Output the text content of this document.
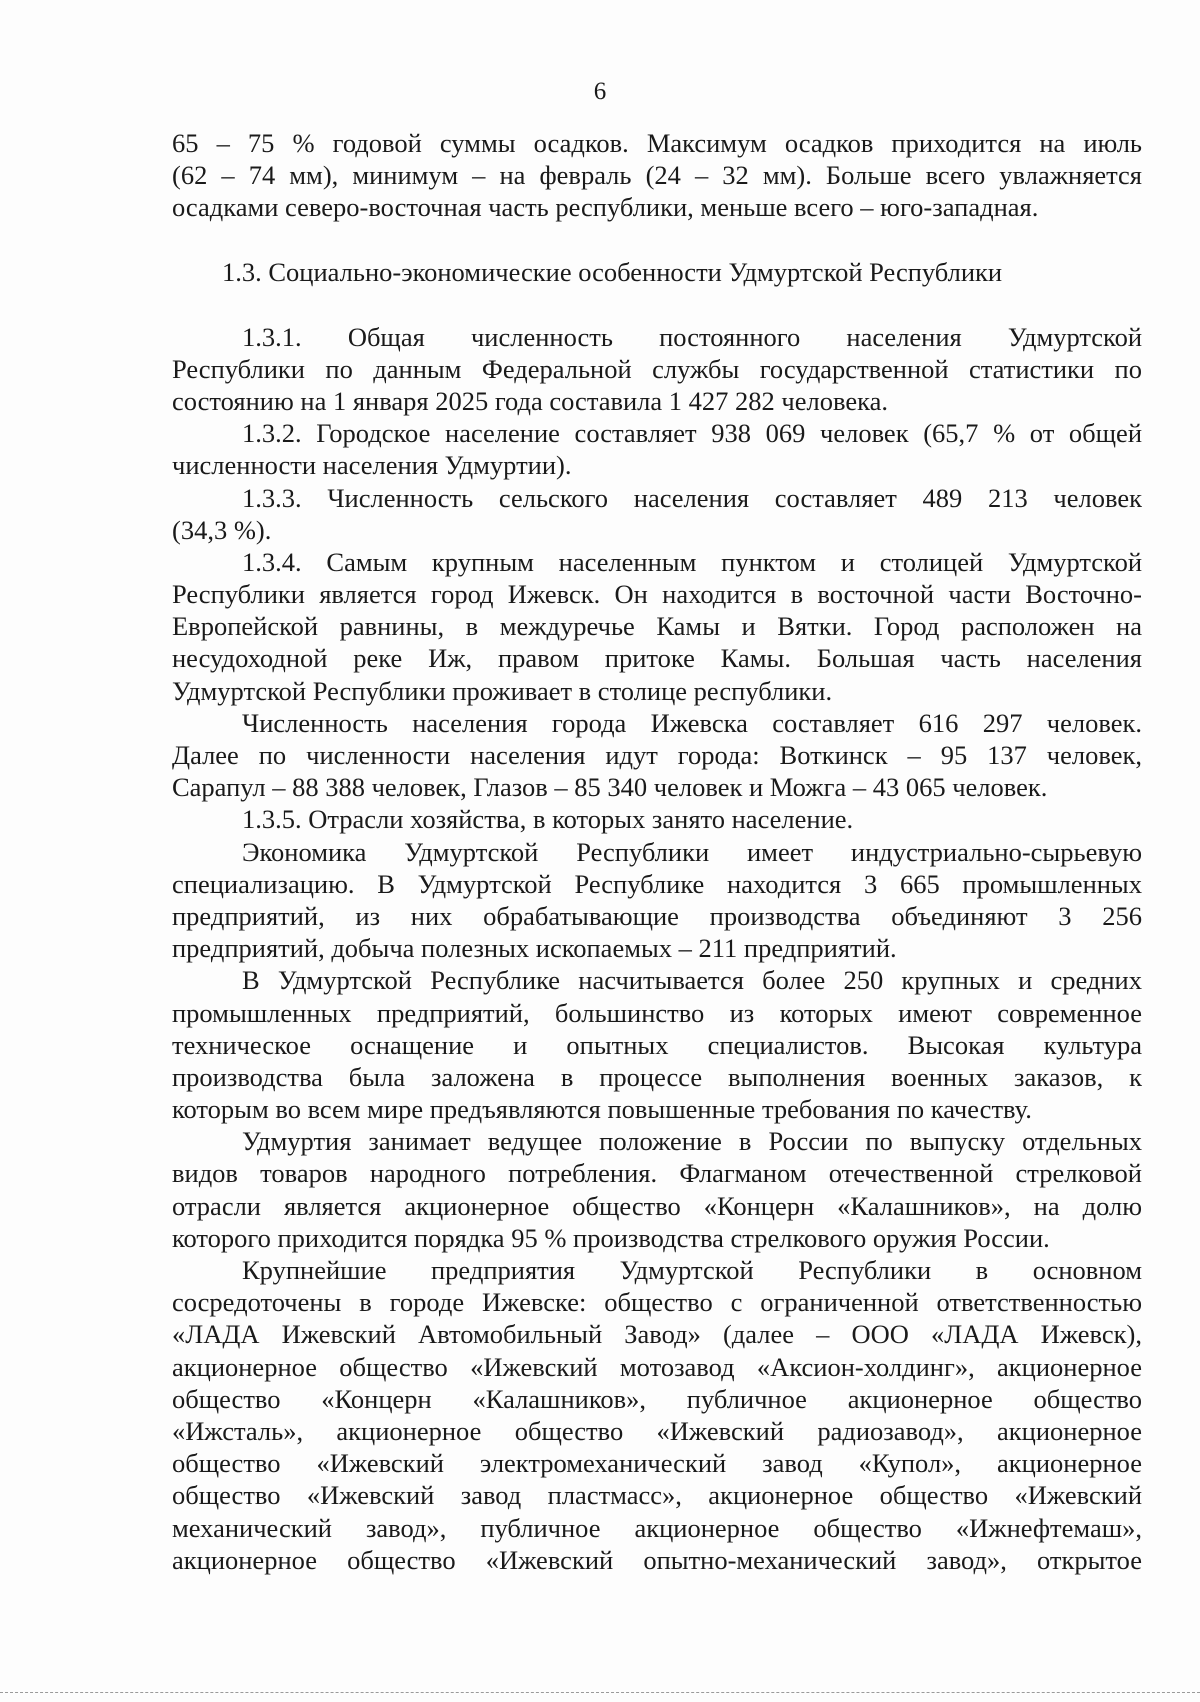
6
65 – 75 % годовой суммы осадков. Максимум осадков приходится на июль
(62 – 74 мм), минимум – на февраль (24 – 32 мм). Больше всего увлажняется
осадками северо-восточная часть республики, меньше всего – юго-западная.
1.3. Социально-экономические особенности Удмуртской Республики
1.3.1. Общая численность постоянного населения Удмуртской
Республики по данным Федеральной службы государственной статистики по
состоянию на 1 января 2025 года составила 1 427 282 человека.
1.3.2. Городское население составляет 938 069 человек (65,7 % от общей
численности населения Удмуртии).
1.3.3. Численность сельского населения составляет 489 213 человек
(34,3 %).
1.3.4. Самым крупным населенным пунктом и столицей Удмуртской
Республики является город Ижевск. Он находится в восточной части Восточно-
Европейской равнины, в междуречье Камы и Вятки. Город расположен на
несудоходной реке Иж, правом притоке Камы. Большая часть населения
Удмуртской Республики проживает в столице республики.
Численность населения города Ижевска составляет 616 297 человек.
Далее по численности населения идут города: Воткинск – 95 137 человек,
Сарапул – 88 388 человек, Глазов – 85 340 человек и Можга – 43 065 человек.
1.3.5. Отрасли хозяйства, в которых занято население.
Экономика Удмуртской Республики имеет индустриально-сырьевую
специализацию. В Удмуртской Республике находится 3 665 промышленных
предприятий, из них обрабатывающие производства объединяют 3 256
предприятий, добыча полезных ископаемых – 211 предприятий.
В Удмуртской Республике насчитывается более 250 крупных и средних
промышленных предприятий, большинство из которых имеют современное
техническое оснащение и опытных специалистов. Высокая культура
производства была заложена в процессе выполнения военных заказов, к
которым во всем мире предъявляются повышенные требования по качеству.
Удмуртия занимает ведущее положение в России по выпуску отдельных
видов товаров народного потребления. Флагманом отечественной стрелковой
отрасли является акционерное общество «Концерн «Калашников», на долю
которого приходится порядка 95 % производства стрелкового оружия России.
Крупнейшие предприятия Удмуртской Республики в основном
сосредоточены в городе Ижевске: общество с ограниченной ответственностью
«ЛАДА Ижевский Автомобильный Завод» (далее – ООО «ЛАДА Ижевск),
акционерное общество «Ижевский мотозавод «Аксион-холдинг», акционерное
общество «Концерн «Калашников», публичное акционерное общество
«Ижсталь», акционерное общество «Ижевский радиозавод», акционерное
общество «Ижевский электромеханический завод «Купол», акционерное
общество «Ижевский завод пластмасс», акционерное общество «Ижевский
механический завод», публичное акционерное общество «Ижнефтемаш»,
акционерное общество «Ижевский опытно-механический завод», открытое
